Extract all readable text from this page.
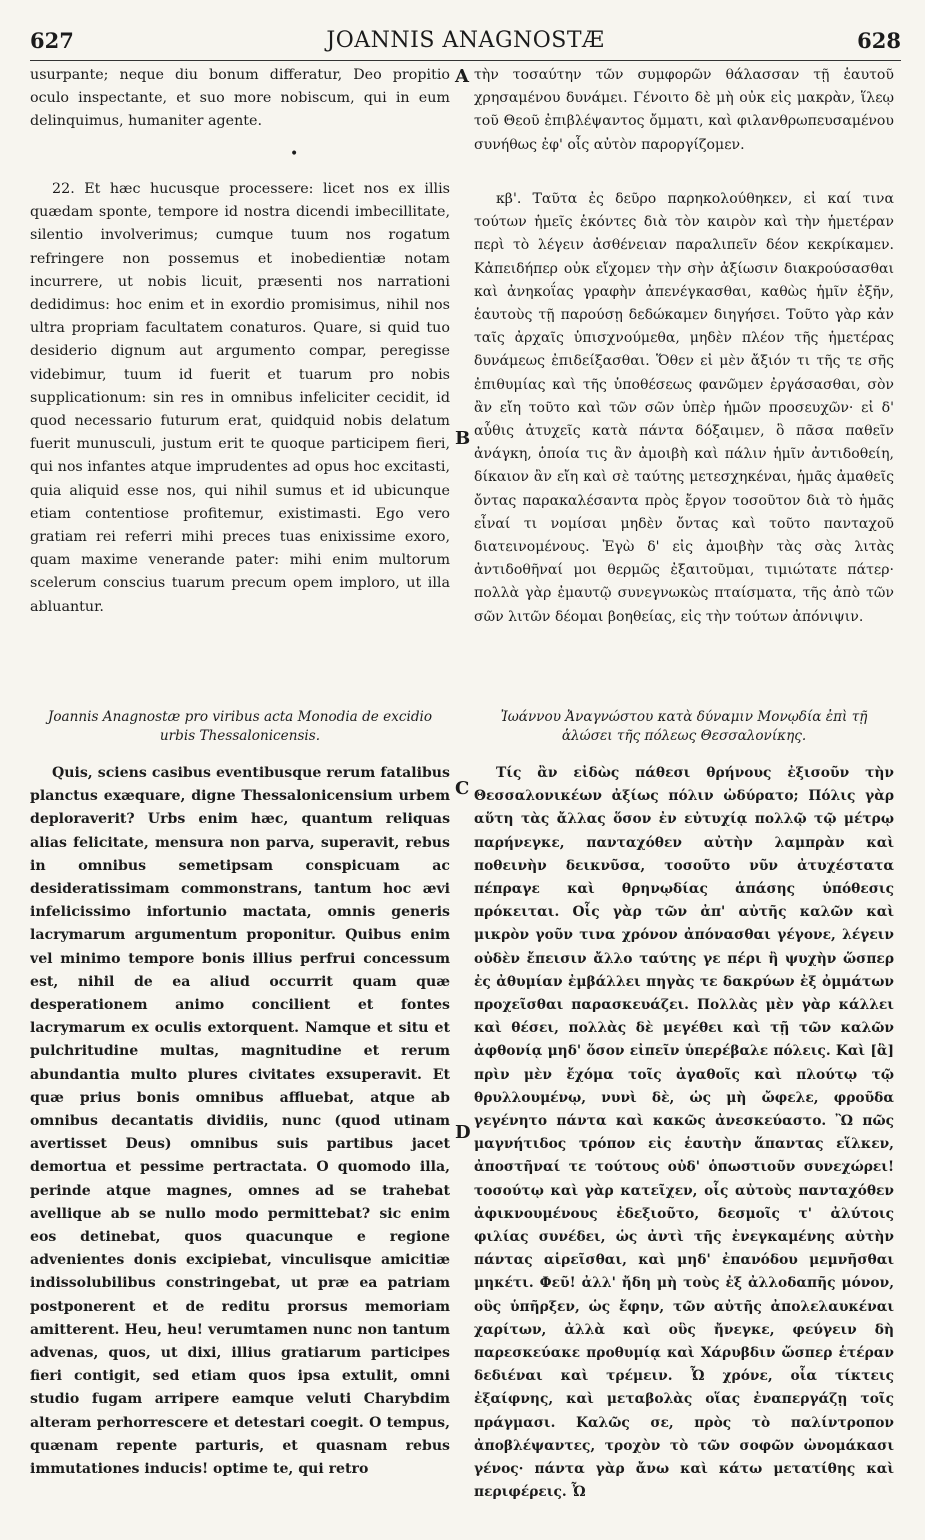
627	JOANNIS ANAGNOSTÆ	628

usurpante; neque diu bonum differatur, Deo propitio oculo inspectante, et suo more nobiscum, qui in eum delinquimus, humaniter agente.

•

22. Et hæc hucusque processere: licet nos ex illis quædam sponte, tempore id nostra dicendi imbecillitate, silentio involverimus; cumque tuum nos rogatum refringere non possemus et inobedientiæ notam incurrere, ut nobis licuit, præsenti nos narrationi dedidimus: hoc enim et in exordio promisimus, nihil nos ultra propriam facultatem conaturos. Quare, si quid tuo desiderio dignum aut argumento compar, peregisse videbimur, tuum id fuerit et tuarum pro nobis supplicationum: sin res in omnibus infeliciter cecidit, id quod necessario futurum erat, quidquid nobis delatum fuerit munusculi, justum erit te quoque participem fieri, qui nos infantes atque imprudentes ad opus hoc excitasti, quia aliquid esse nos, qui nihil sumus et id ubicunque etiam contentiose profitemur, existimasti. Ego vero gratiam rei referri mihi preces tuas enixissime exoro, quam maxime venerande pater: mihi enim multorum scelerum conscius tuarum precum opem imploro, ut illa abluantur.

Joannis Anagnostæ pro viribus acta Monodia de excidio urbis Thessalonicensis.

Quis, sciens casibus eventibusque rerum fatalibus planctus exæquare, digne Thessalonicensium urbem deploraverit? Urbs enim hæc, quantum reliquas alias felicitate, mensura non parva, superavit, rebus in omnibus semetipsam conspicuam ac desideratissimam commonstrans, tantum hoc ævi infelicissimo infortunio mactata, omnis generis lacrymarum argumentum proponitur. Quibus enim vel minimo tempore bonis illius perfrui concessum est, nihil de ea aliud occurrit quam quæ desperationem animo concilient et fontes lacrymarum ex oculis extorquent. Namque et situ et pulchritudine multas, magnitudine et rerum abundantia multo plures civitates exsuperavit. Et quæ prius bonis omnibus affluebat, atque ab omnibus decantatis dividiis, nunc (quod utinam avertisset Deus) omnibus suis partibus jacet demortua et pessime pertractata. O quomodo illa, perinde atque magnes, omnes ad se trahebat avellique ab se nullo modo permittebat? sic enim eos detinebat, quos quacunque e regione advenientes donis excipiebat, vinculisque amicitiæ indissolubilibus constringebat, ut præ ea patriam postponerent et de reditu prorsus memoriam amitterent. Heu, heu! verumtamen nunc non tantum advenas, quos, ut dixi, illius gratiarum participes fieri contigit, sed etiam quos ipsa extulit, omni studio fugam arripere eamque veluti Charybdim alteram perhorrescere et detestari coegit. O tempus, quænam repente parturis, et quasnam rebus immutationes inducis! optime te, qui retro

A
B
C
D

τὴν τοσαύτην τῶν συμφορῶν θάλασσαν τῇ ἑαυτοῦ χρησαμένου δυνάμει. Γένοιτο δὲ μὴ οὐκ εἰς μακρὰν, ἵλεῳ τοῦ Θεοῦ ἐπιβλέψαντος ὄμματι, καὶ φιλανθρωπευσαμένου συνήθως ἐφ' οἷς αὐτὸν παροργίζομεν.

κβ'. Ταῦτα ἐς δεῦρο παρηκολούθηκεν, εἰ καί τινα τούτων ἡμεῖς ἑκόντες διὰ τὸν καιρὸν καὶ τὴν ἡμετέραν περὶ τὸ λέγειν ἀσθένειαν παραλιπεῖν δέον κεκρίκαμεν. Κἀπειδήπερ οὐκ εἴχομεν τὴν σὴν ἀξίωσιν διακρούσασθαι καὶ ἀνηκοΐας γραφὴν ἀπενέγκασθαι, καθὼς ἡμῖν ἐξῆν, ἑαυτοὺς τῇ παρούσῃ δεδώκαμεν διηγήσει. Τοῦτο γὰρ κἀν ταῖς ἀρχαῖς ὑπισχνούμεθα, μηδὲν πλέον τῆς ἡμετέρας δυνάμεως ἐπιδείξασθαι. Ὅθεν εἰ μὲν ἄξιόν τι τῆς τε σῆς ἐπιθυμίας καὶ τῆς ὑποθέσεως φανῶμεν ἐργάσασθαι, σὸν ἂν εἴη τοῦτο καὶ τῶν σῶν ὑπὲρ ἡμῶν προσευχῶν· εἰ δ' αὖθις ἀτυχεῖς κατὰ πάντα δόξαιμεν, ὃ πᾶσα παθεῖν ἀνάγκη, ὁποία τις ἂν ἀμοιβὴ καὶ πάλιν ἡμῖν ἀντιδοθείη, δίκαιον ἂν εἴη καὶ σὲ ταύτης μετεσχηκέναι, ἡμᾶς ἀμαθεῖς ὄντας παρακαλέσαντα πρὸς ἔργον τοσοῦτον διὰ τὸ ἡμᾶς εἶναί τι νομίσαι μηδὲν ὄντας καὶ τοῦτο πανταχοῦ διατεινομένους. Ἐγὼ δ' εἰς ἀμοιβὴν τὰς σὰς λιτὰς ἀντιδοθῆναί μοι θερμῶς ἐξαιτοῦμαι, τιμιώτατε πάτερ· πολλὰ γὰρ ἐμαυτῷ συνεγνωκὼς πταίσματα, τῆς ἀπὸ τῶν σῶν λιτῶν δέομαι βοηθείας, εἰς τὴν τούτων ἀπόνιψιν.

Ἰωάννου Ἀναγνώστου κατὰ δύναμιν Μονῳδία ἐπὶ τῇ ἁλώσει τῆς πόλεως Θεσσαλονίκης.

Τίς ἂν εἰδὼς πάθεσι θρήνους ἐξισοῦν τὴν Θεσσαλονικέων ἀξίως πόλιν ὠδύρατο; Πόλις γὰρ αὕτη τὰς ἄλλας ὅσον ἐν εὐτυχίᾳ πολλῷ τῷ μέτρῳ παρήνεγκε, πανταχόθεν αὐτὴν λαμπρὰν καὶ ποθεινὴν δεικνῦσα, τοσοῦτο νῦν ἀτυχέστατα πέπραγε καὶ θρηνῳδίας ἁπάσης ὑπόθεσις πρόκειται. Οἷς γὰρ τῶν ἀπ' αὐτῆς καλῶν καὶ μικρὸν γοῦν τινα χρόνον ἀπόνασθαι γέγονε, λέγειν οὐδὲν ἔπεισιν ἄλλο ταύτης γε πέρι ἢ ψυχὴν ὥσπερ ἐς ἀθυμίαν ἐμβάλλει πηγὰς τε δακρύων ἐξ ὀμμάτων προχεῖσθαι παρασκευάζει. Πολλὰς μὲν γὰρ κάλλει καὶ θέσει, πολλὰς δὲ μεγέθει καὶ τῇ τῶν καλῶν ἀφθονίᾳ μηδ' ὅσον εἰπεῖν ὑπερέβαλε πόλεις. Καὶ [ἃ] πρὶν μὲν ἔχόμα τοῖς ἀγαθοῖς καὶ πλούτῳ τῷ θρυλλουμένῳ, νυνὶ δὲ, ὡς μὴ ὤφελε, φροῦδα γεγένητο πάντα καὶ κακῶς ἀνεσκεύαστο. Ὢ πῶς μαγνήτιδος τρόπον εἰς ἑαυτὴν ἅπαντας εἵλκεν, ἀποστῆναί τε τούτους οὐδ' ὁπωστιοῦν συνεχώρει! τοσούτῳ καὶ γὰρ κατεῖχεν, οἷς αὐτοὺς πανταχόθεν ἀφικνουμένους ἐδεξιοῦτο, δεσμοῖς τ' ἀλύτοις φιλίας συνέδει, ὡς ἀντὶ τῆς ἐνεγκαμένης αὐτὴν πάντας αἱρεῖσθαι, καὶ μηδ' ἐπανόδου μεμνῆσθαι μηκέτι. Φεῦ! ἀλλ' ἤδη μὴ τοὺς ἐξ ἀλλοδαπῆς μόνον, οὓς ὑπῆρξεν, ὡς ἔφην, τῶν αὐτῆς ἀπολελαυκέναι χαρίτων, ἀλλὰ καὶ οὓς ἤνεγκε, φεύγειν δὴ παρεσκεύακε προθυμίᾳ καὶ Χάρυβδιν ὥσπερ ἑτέραν δεδιέναι καὶ τρέμειν. Ὦ χρόνε, οἷα τίκτεις ἐξαίφνης, καὶ μεταβολὰς οἵας ἐναπεργάζῃ τοῖς πράγμασι. Καλῶς σε, πρὸς τὸ παλίντροπον ἀποβλέψαντες, τροχὸν τὸ τῶν σοφῶν ὠνομάκασι γένος· πάντα γὰρ ἄνω καὶ κάτω μετατίθης καὶ περιφέρεις. Ὦ
